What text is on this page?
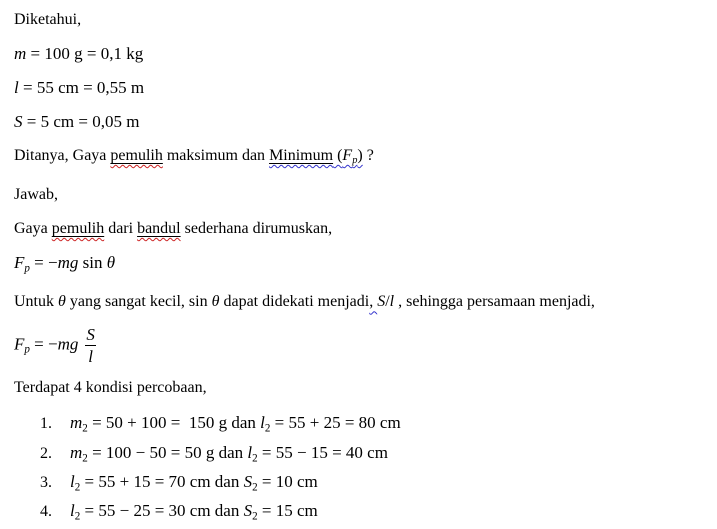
Diketahui,
m = 100 g = 0,1 kg
l = 55 cm = 0,55 m
S = 5 cm = 0,05 m
Ditanya, Gaya pemulih maksimum dan Minimum $(F_p)$ ?
Jawab,
Gaya pemulih dari bandul sederhana dirumuskan,
$F_p = -mg$ sin θ
Untuk θ yang sangat kecil, sin θ dapat didekati menjadi, S/l , sehingga persamaan menjadi,
$F_p = -mg \frac{S}{l}$
Terdapat 4 kondisi percobaan,
1. $m_2 = 50 + 100 = 150$ g dan $l_2 = 55 + 25 = 80$ cm
2. $m_2 = 100 - 50 = 50$ g dan $l_2 = 55 - 15 = 40$ cm
3. $l_2 = 55 + 15 = 70$ cm dan $S_2 = 10$ cm
4. $l_2 = 55 - 25 = 30$ cm dan $S_2 = 15$ cm
